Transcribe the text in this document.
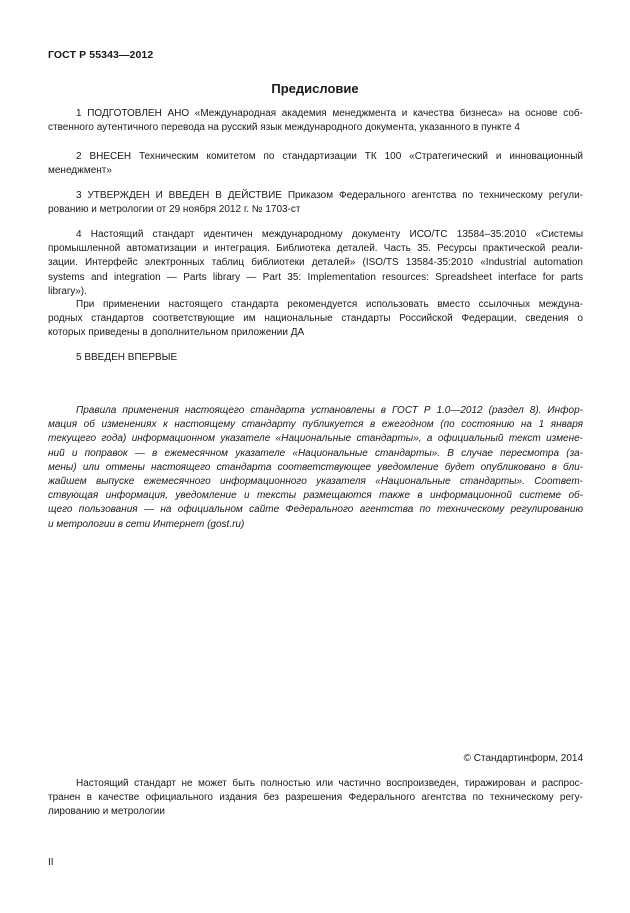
ГОСТ Р 55343—2012
Предисловие
1 ПОДГОТОВЛЕН АНО «Международная академия менеджмента и качества бизнеса» на основе соб-
ственного аутентичного перевода на русский язык международного документа, указанного в пункте 4
2 ВНЕСЕН Техническим комитетом по стандартизации ТК 100 «Стратегический и инновационный
менеджмент»
3 УТВЕРЖДЕН И ВВЕДЕН В ДЕЙСТВИЕ Приказом Федерального агентства по техническому регули-
рованию и метрологии от 29 ноября 2012 г. № 1703-ст
4 Настоящий стандарт идентичен международному документу ИСО/ТС 13584–35:2010 «Системы
промышленной автоматизации и интеграция. Библиотека деталей. Часть 35. Ресурсы практической реали-
зации. Интерфейс электронных таблиц библиотеки деталей» (ISO/TS 13584-35:2010 «Industrial automation
systems and integration — Parts library — Part 35: Implementation resources: Spreadsheet interface for parts
library»).
При применении настоящего стандарта рекомендуется использовать вместо ссылочных междуна-
родных стандартов соответствующие им национальные стандарты Российской Федерации, сведения о
которых приведены в дополнительном приложении ДА
5 ВВЕДЕН ВПЕРВЫЕ
Правила применения настоящего стандарта установлены в ГОСТ Р 1.0—2012 (раздел 8). Инфор-
мация об изменениях к настоящему стандарту публикуется в ежегодном (по состоянию на 1 января
текущего года) информационном указателе «Национальные стандарты», а официальный текст измене-
ний и поправок — в ежемесячном указателе «Национальные стандарты». В случае пересмотра (за-
мены) или отмены настоящего стандарта соответствующее уведомление будет опубликовано в бли-
жайшем выпуске ежемесячного информационного указателя «Национальные стандарты». Соответ-
ствующая информация, уведомление и тексты размещаются также в информационной системе об-
щего пользования — на официальном сайте Федерального агентства по техническому регулированию
и метрологии в сети Интернет (gost.ru)
© Стандартинформ, 2014
Настоящий стандарт не может быть полностью или частично воспроизведен, тиражирован и распрос-
транен в качестве официального издания без разрешения Федерального агентства по техническому регу-
лированию и метрологии
II
